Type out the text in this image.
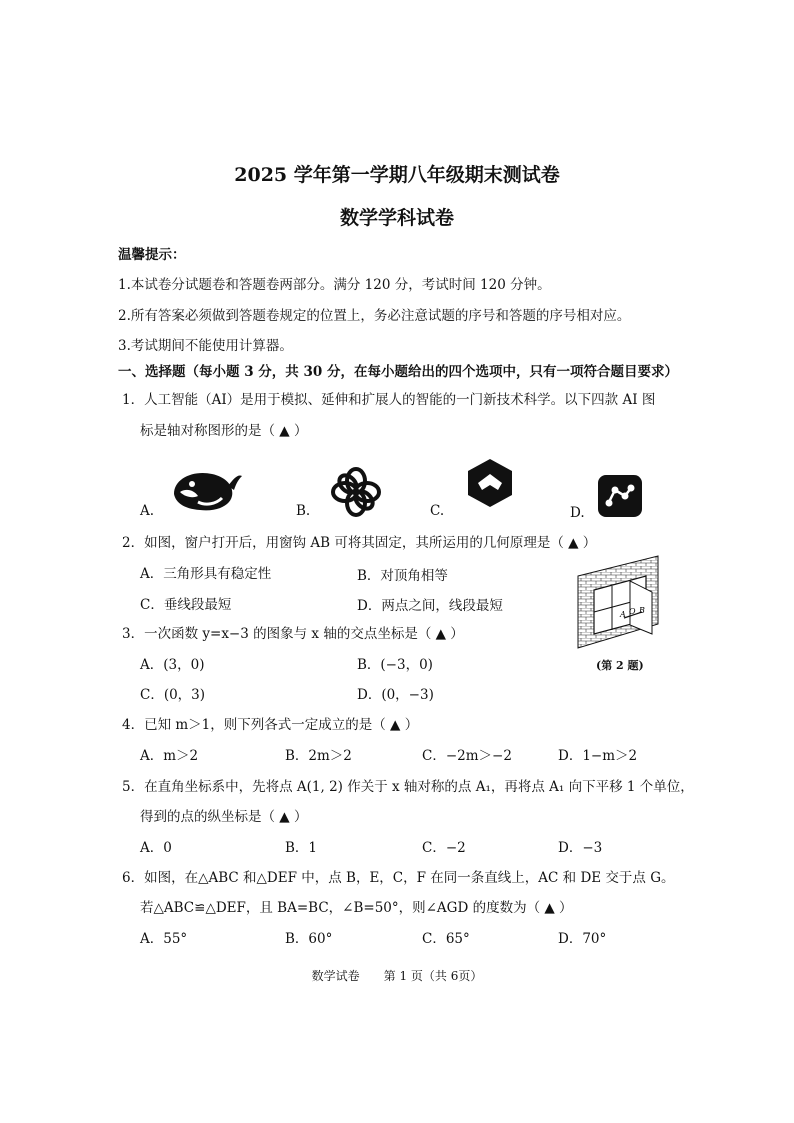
2025 学年第一学期八年级期末测试卷
数学学科试卷
温馨提示：
1.本试卷分试题卷和答题卷两部分。满分 120 分，考试时间 120 分钟。
2.所有答案必须做到答题卷规定的位置上，务必注意试题的序号和答题的序号相对应。
3.考试期间不能使用计算器。
一、选择题（每小题 3 分，共 30 分，在每小题给出的四个选项中，只有一项符合题目要求）
1．人工智能（AI）是用于模拟、延伸和扩展人的智能的一门新技术科学。以下四款 AI 图
标是轴对称图形的是（ ▲ ）
A.	B.	C.	D.
2．如图，窗户打开后，用窗钩 AB 可将其固定，其所运用的几何原理是（ ▲ ）
A．三角形具有稳定性	B．对顶角相等
C．垂线段最短	D．两点之间，线段最短
A O B
(第 2 题)
3．一次函数 y=x−3 的图象与 x 轴的交点坐标是（ ▲ ）
A．(3，0)	B．(−3，0)
C．(0，3)	D．(0，−3)
4．已知 m＞1，则下列各式一定成立的是（ ▲ ）
A．m＞2	B．2m＞2	C．−2m＞−2	D．1−m＞2
5．在直角坐标系中，先将点 A(1, 2) 作关于 x 轴对称的点 A₁，再将点 A₁ 向下平移 1 个单位，
得到的点的纵坐标是（ ▲ ）
A．0	B．1	C．−2	D．−3
6．如图，在△ABC 和△DEF 中，点 B，E，C，F 在同一条直线上，AC 和 DE 交于点 G。
若△ABC≌△DEF，且 BA=BC，∠B=50°，则∠AGD 的度数为（ ▲ ）
A．55°	B．60°	C．65°	D．70°
数学试卷　　第 1 页（共 6页）
